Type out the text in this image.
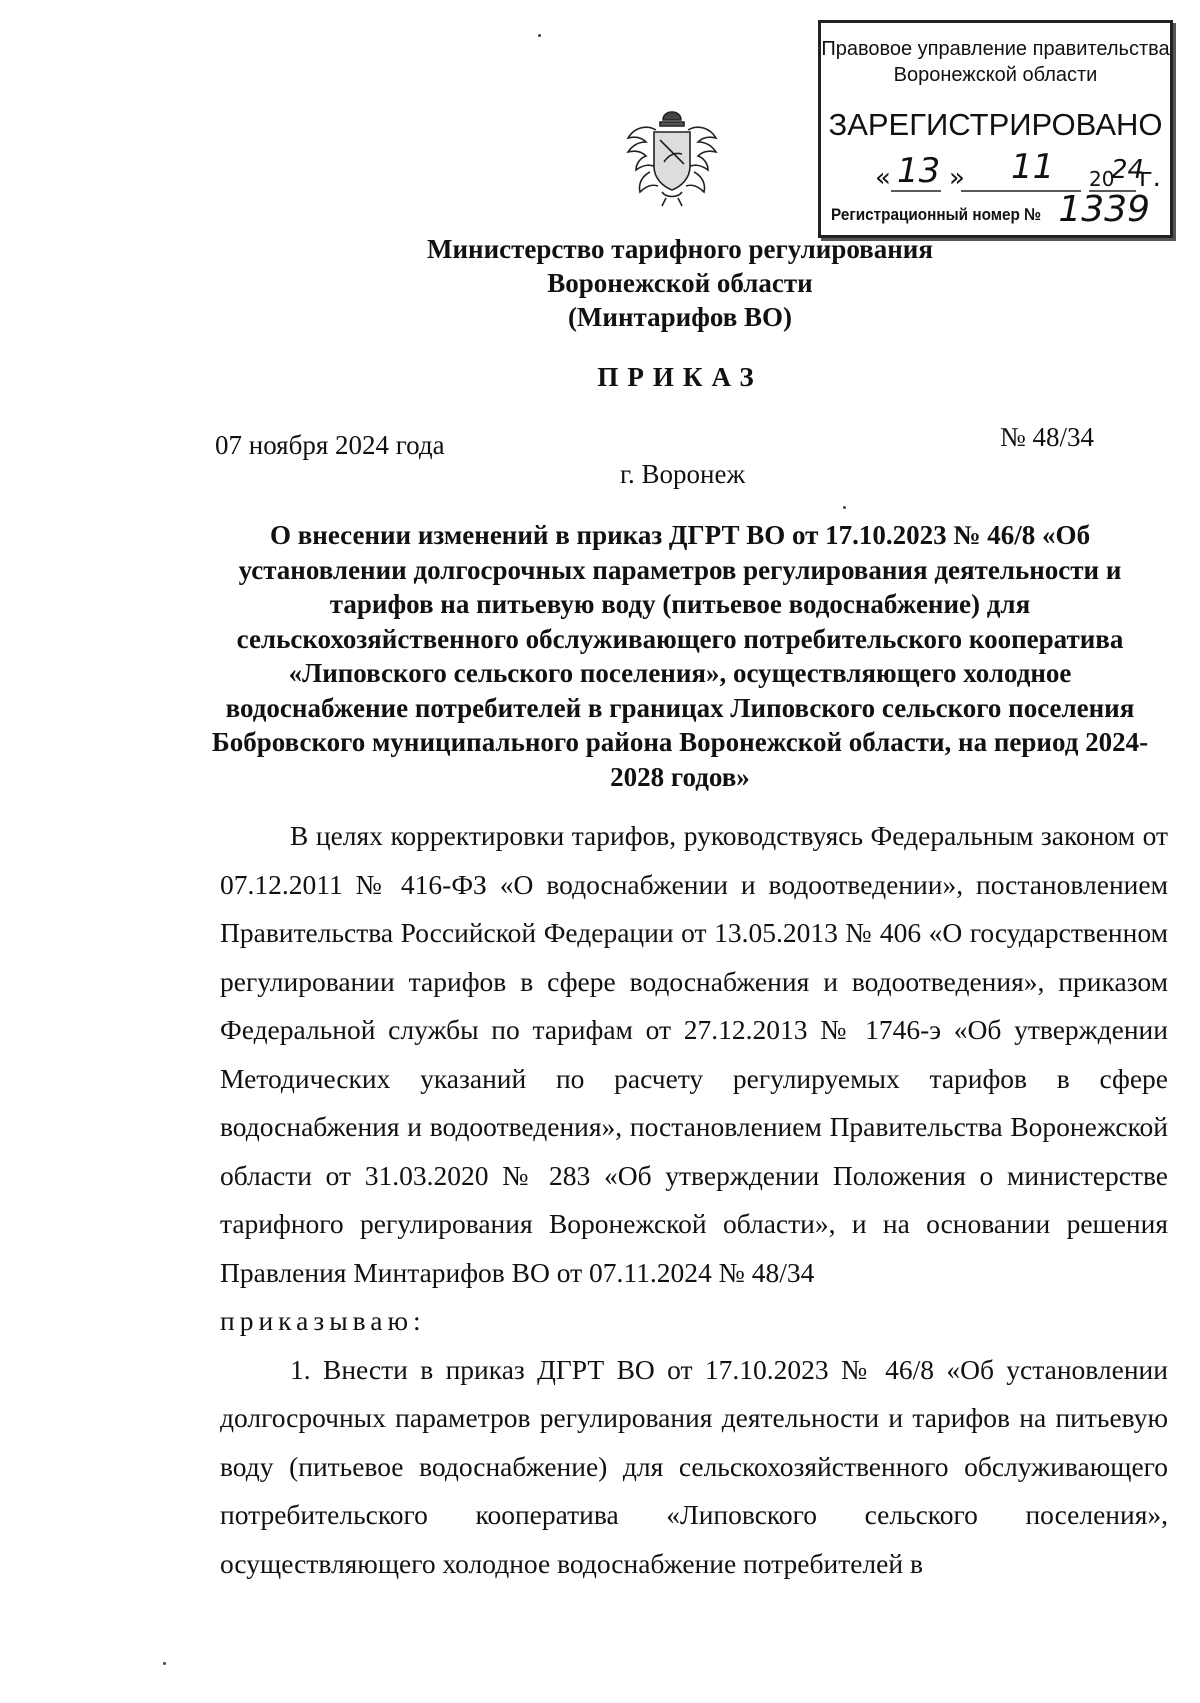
Правовое управление правительства
Воронежской области
ЗАРЕГИСТРИРОВАНО
« 13 » 11 20
24
г.
Регистрационный номер № 1339
Министерство тарифного регулирования
Воронежской области
(Минтарифов ВО)
ПРИКАЗ
07 ноября 2024 года	№ 48/34
г. Воронеж
О внесении изменений в приказ ДГРТ ВО от 17.10.2023 № 46/8 «Об установлении долгосрочных параметров регулирования деятельности и тарифов на питьевую воду (питьевое водоснабжение) для сельскохозяйственного обслуживающего потребительского кооператива «Липовского сельского поселения», осуществляющего холодное водоснабжение потребителей в границах Липовского сельского поселения Бобровского муниципального района Воронежской области, на период 2024-2028 годов»

В целях корректировки тарифов, руководствуясь Федеральным законом от 07.12.2011 № 416-ФЗ «О водоснабжении и водоотведении», постановлением Правительства Российской Федерации от 13.05.2013 № 406 «О государственном регулировании тарифов в сфере водоснабжения и водоотведения», приказом Федеральной службы по тарифам от 27.12.2013 № 1746-э «Об утверждении Методических указаний по расчету регулируемых тарифов в сфере водоснабжения и водоотведения», постановлением Правительства Воронежской области от 31.03.2020 № 283 «Об утверждении Положения о министерстве тарифного регулирования Воронежской области», и на основании решения Правления Минтарифов ВО от 07.11.2024 № 48/34

приказываю:

1. Внести в приказ ДГРТ ВО от 17.10.2023 № 46/8 «Об установлении долгосрочных параметров регулирования деятельности и тарифов на питьевую воду (питьевое водоснабжение) для сельскохозяйственного обслуживающего потребительского кооператива «Липовского сельского поселения», осуществляющего холодное водоснабжение потребителей в
